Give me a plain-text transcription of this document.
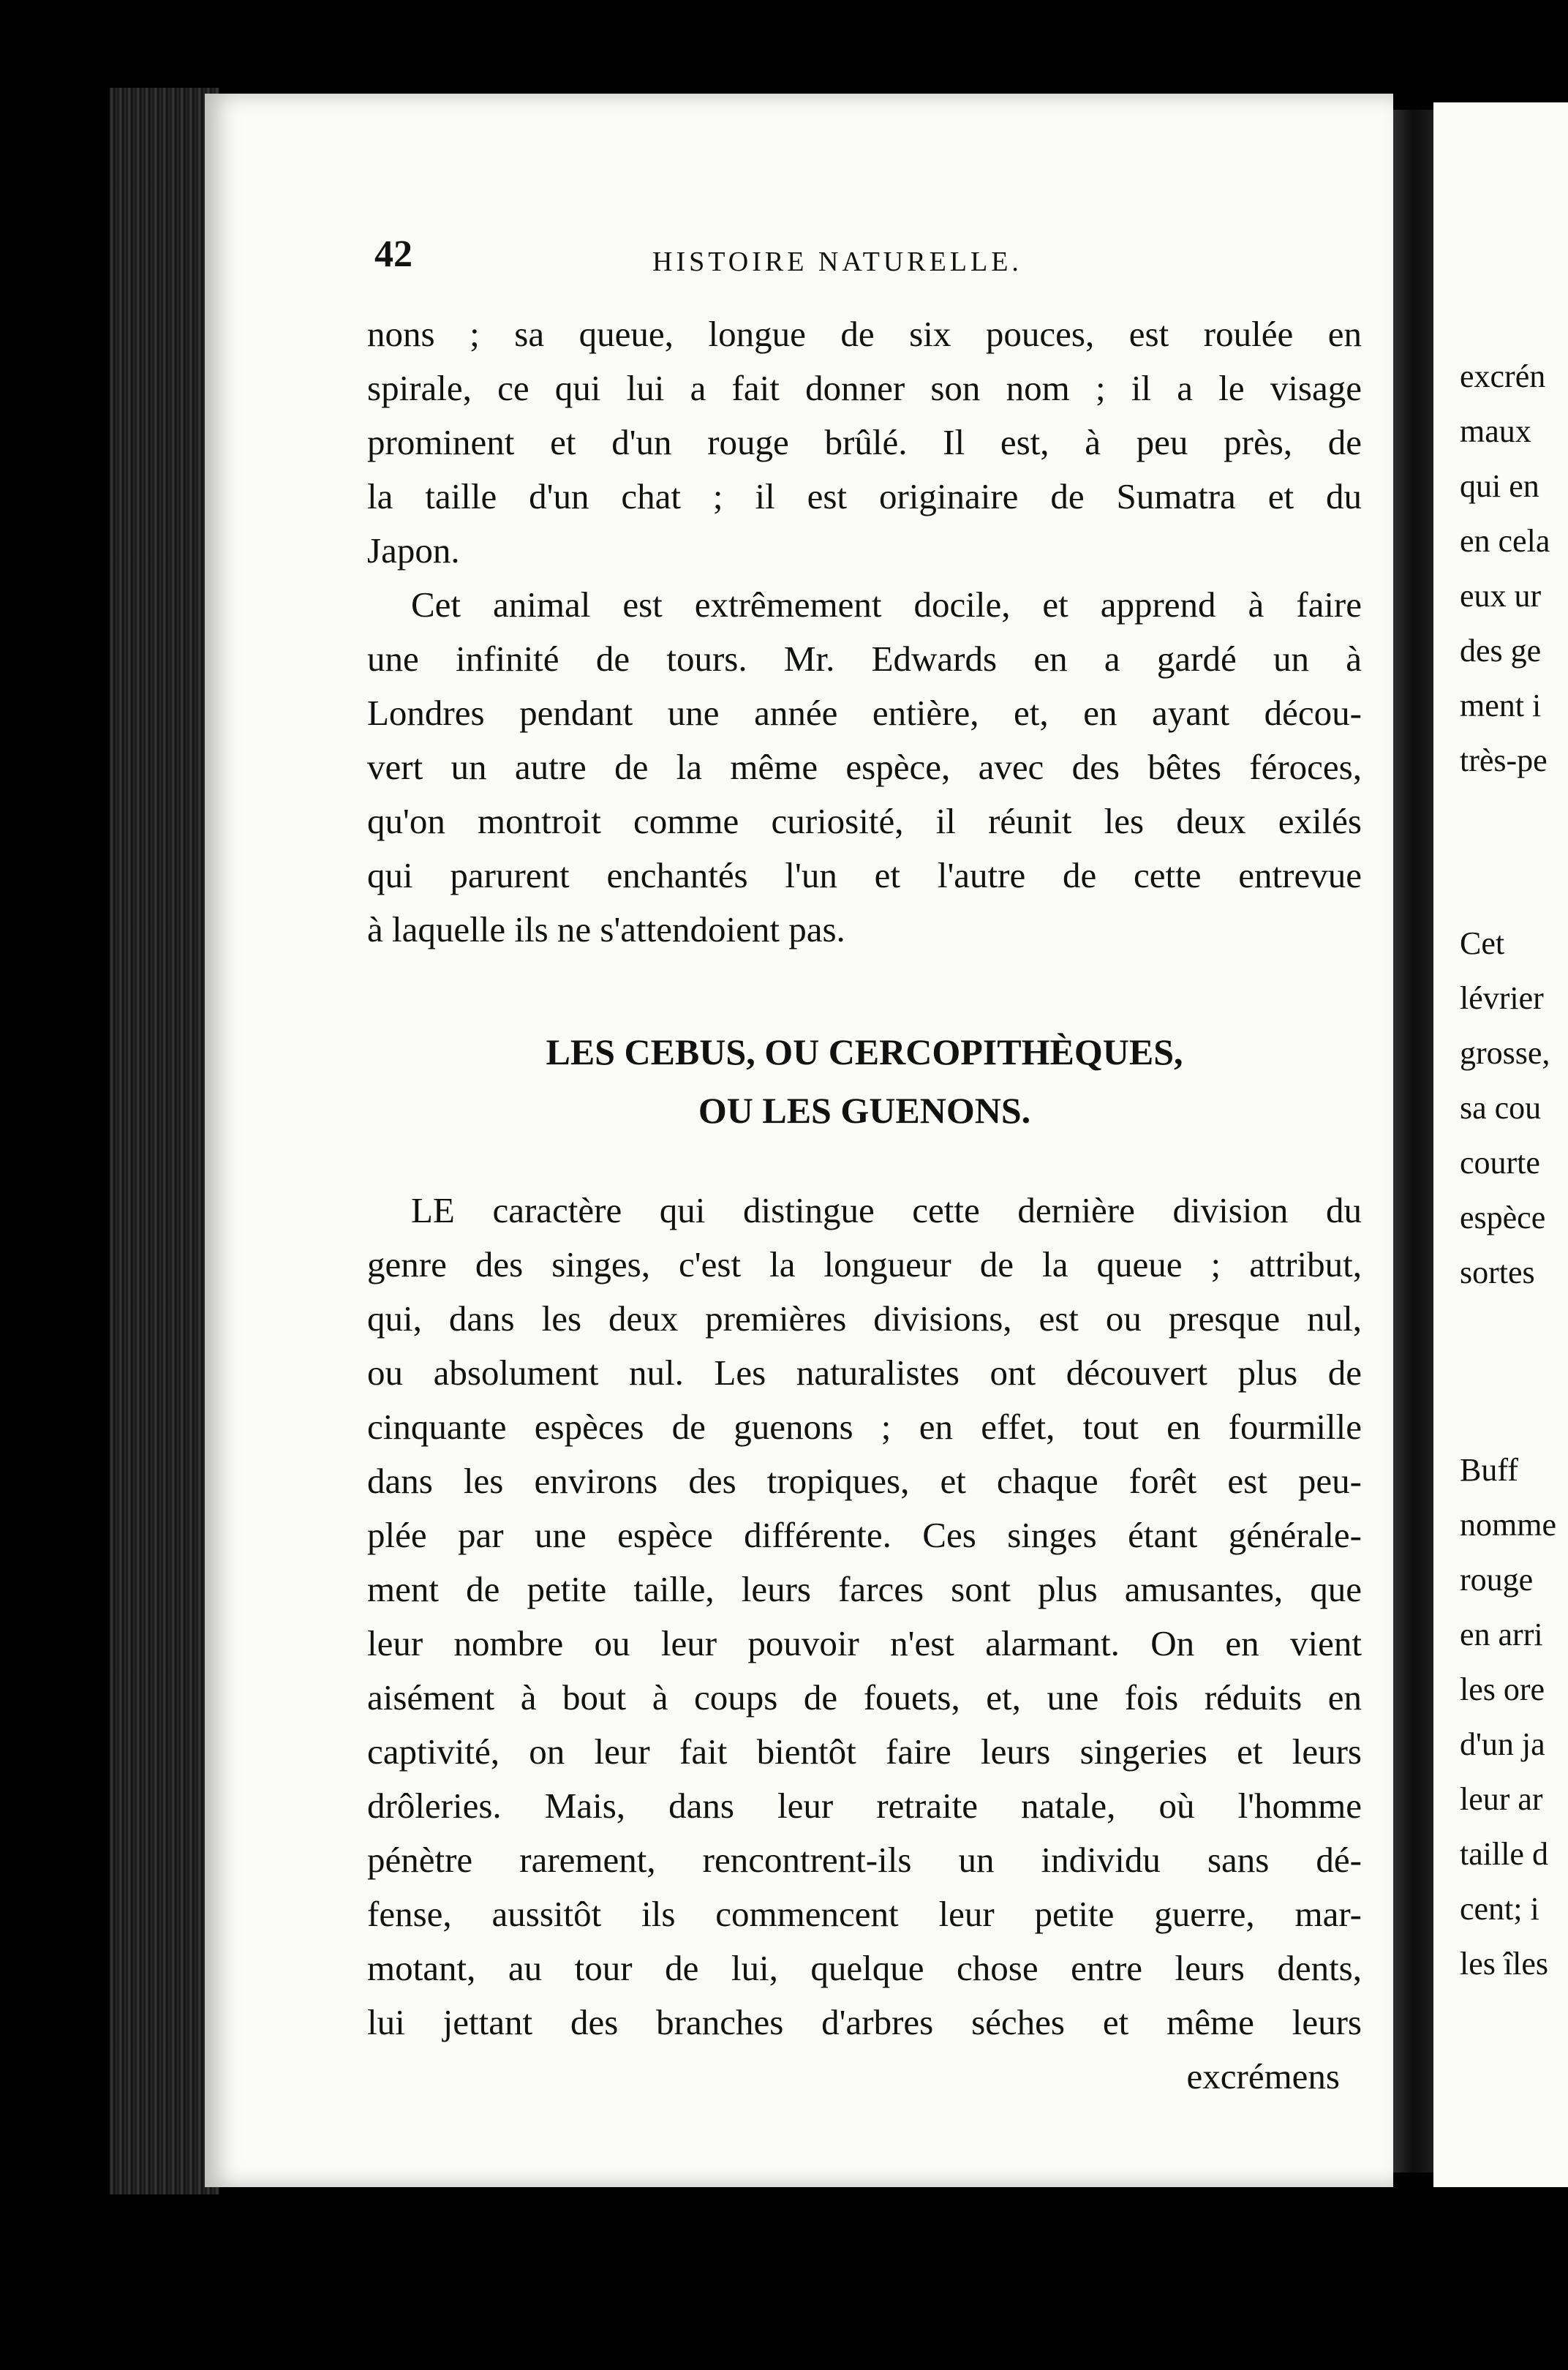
42	HISTOIRE NATURELLE.
nons ; sa queue, longue de six pouces, est roulée en
spirale, ce qui lui a fait donner son nom ; il a le visage
prominent et d'un rouge brûlé. Il est, à peu près, de
la taille d'un chat ; il est originaire de Sumatra et du
Japon.
Cet animal est extrêmement docile, et apprend à faire
une infinité de tours. Mr. Edwards en a gardé un à
Londres pendant une année entière, et, en ayant décou-
vert un autre de la même espèce, avec des bêtes féroces,
qu'on montroit comme curiosité, il réunit les deux exilés
qui parurent enchantés l'un et l'autre de cette entrevue
à laquelle ils ne s'attendoient pas.
LES CEBUS, OU CERCOPITHÈQUES,
OU LES GUENONS.
LE caractère qui distingue cette dernière division du
genre des singes, c'est la longueur de la queue ; attribut,
qui, dans les deux premières divisions, est ou presque nul,
ou absolument nul. Les naturalistes ont découvert plus de
cinquante espèces de guenons ; en effet, tout en fourmille
dans les environs des tropiques, et chaque forêt est peu-
plée par une espèce différente. Ces singes étant générale-
ment de petite taille, leurs farces sont plus amusantes, que
leur nombre ou leur pouvoir n'est alarmant. On en vient
aisément à bout à coups de fouets, et, une fois réduits en
captivité, on leur fait bientôt faire leurs singeries et leurs
drôleries. Mais, dans leur retraite natale, où l'homme
pénètre rarement, rencontrent-ils un individu sans dé-
fense, aussitôt ils commencent leur petite guerre, mar-
motant, au tour de lui, quelque chose entre leurs dents,
lui jettant des branches d'arbres séches et même leurs
excrémens
excrén
maux
qui en
en cela
eux ur
des ge
ment i
très-pe
Cet
lévrier
grosse,
sa cou
courte
espèce
sortes
Buff
nomme
rouge
en arri
les ore
d'un ja
leur ar
taille d
cent; i
les îles
